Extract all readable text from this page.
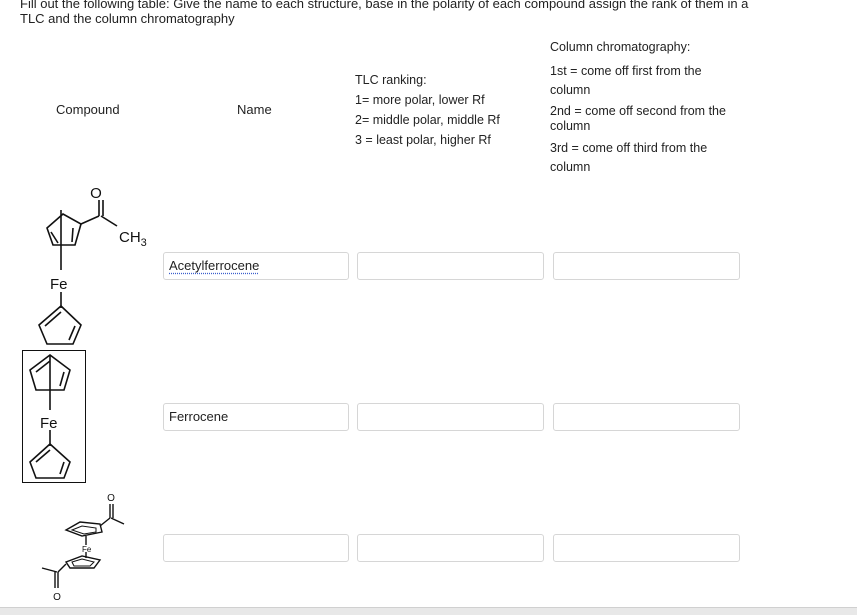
Fill out the following table: Give the name to each structure, base in the polarity of each compound assign the rank of them in a TLC and the column chromatography
Compound	Name
TLC ranking:
1= more polar, lower Rf
2= middle polar, middle Rf
3 = least polar, higher Rf
Column chromatography:
1st = come off first from the
column
2nd = come off second from the
column
3rd = come off third from the
column
O
$CH_3$
Fe
Fe
O
Fe
O
Acetylferrocene
Ferrocene
